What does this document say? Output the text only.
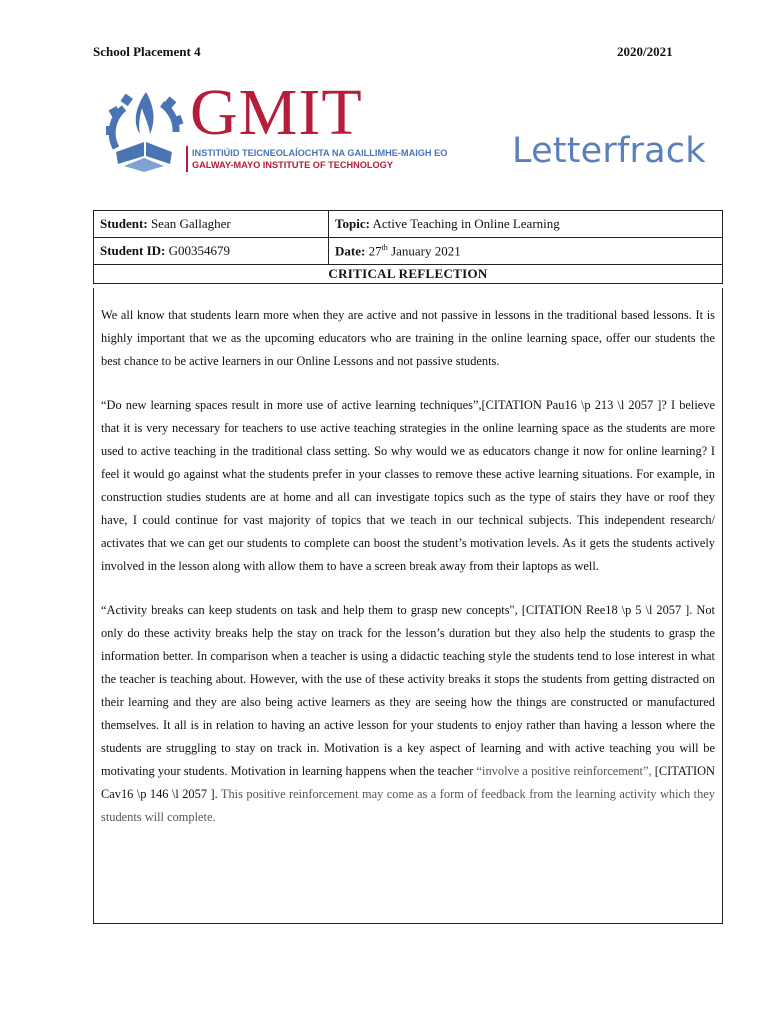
School Placement 4	2020/2021
GMIT
INSTITIÚID TEICNEOLAÍOCHTA NA GAILLIMHE-MAIGH EO
GALWAY-MAYO INSTITUTE OF TECHNOLOGY	Letterfrack
Student: Sean Gallagher	Topic: Active Teaching in Online Learning
Student ID: G00354679	Date: 27th January 2021
CRITICAL REFLECTION	

We all know that students learn more when they are active and not passive in lessons in the traditional based lessons. It is highly important that we as the upcoming educators who are training in the online learning space, offer our students the best chance to be active learners in our Online Lessons and not passive students.

“Do new learning spaces result in more use of active learning techniques”,[CITATION Pau16 \p 213 \l 2057 ]? I believe that it is very necessary for teachers to use active teaching strategies in the online learning space as the students are more used to active teaching in the traditional class setting. So why would we as educators change it now for online learning? I feel it would go against what the students prefer in your classes to remove these active learning situations. For example, in construction studies students are at home and all can investigate topics such as the type of stairs they have or roof they have, I could continue for vast majority of topics that we teach in our technical subjects. This independent research/ activates that we can get our students to complete can boost the student’s motivation levels. As it gets the students actively involved in the lesson along with allow them to have a screen break away from their laptops as well.

“Activity breaks can keep students on task and help them to grasp new concepts", [CITATION Ree18 \p 5 \l 2057 ]. Not only do these activity breaks help the stay on track for the lesson’s duration but they also help the students to grasp the information better. In comparison when a teacher is using a didactic teaching style the students tend to lose interest in what the teacher is teaching about. However, with the use of these activity breaks it stops the students from getting distracted on their learning and they are also being active learners as they are seeing how the things are constructed or manufactured themselves. It all is in relation to having an active lesson for your students to enjoy rather than having a lesson where the students are struggling to stay on track in. Motivation is a key aspect of learning and with active teaching you will be motivating your students. Motivation in learning happens when the teacher “involve a positive reinforcement”, [CITATION Cav16 \p 146 \l 2057 ]. This positive reinforcement may come as a form of feedback from the learning activity which they students will complete.
